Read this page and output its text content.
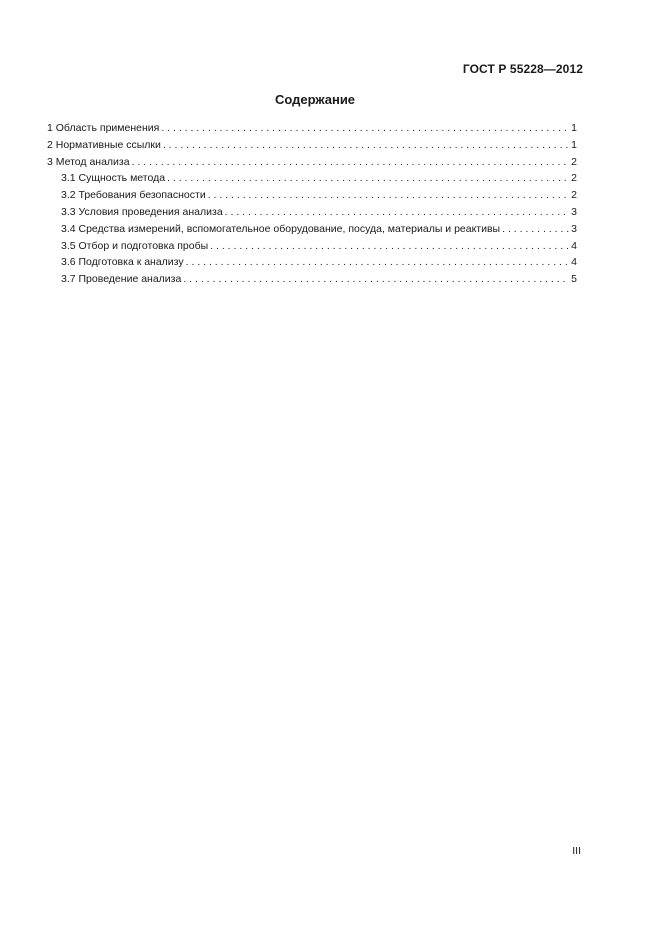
ГОСТ Р 55228—2012
Содержание
1 Область применения . . .	1
2 Нормативные ссылки . . .	1
3 Метод анализа . . .	2
3.1 Сущность метода . . .	2
3.2 Требования безопасности . . .	2
3.3 Условия проведения анализа . . .	3
3.4 Средства измерений, вспомогательное оборудование, посуда, материалы и реактивы . . .	3
3.5 Отбор и подготовка пробы . . .	4
3.6 Подготовка к анализу . . .	4
3.7 Проведение анализа . . .	5
III
